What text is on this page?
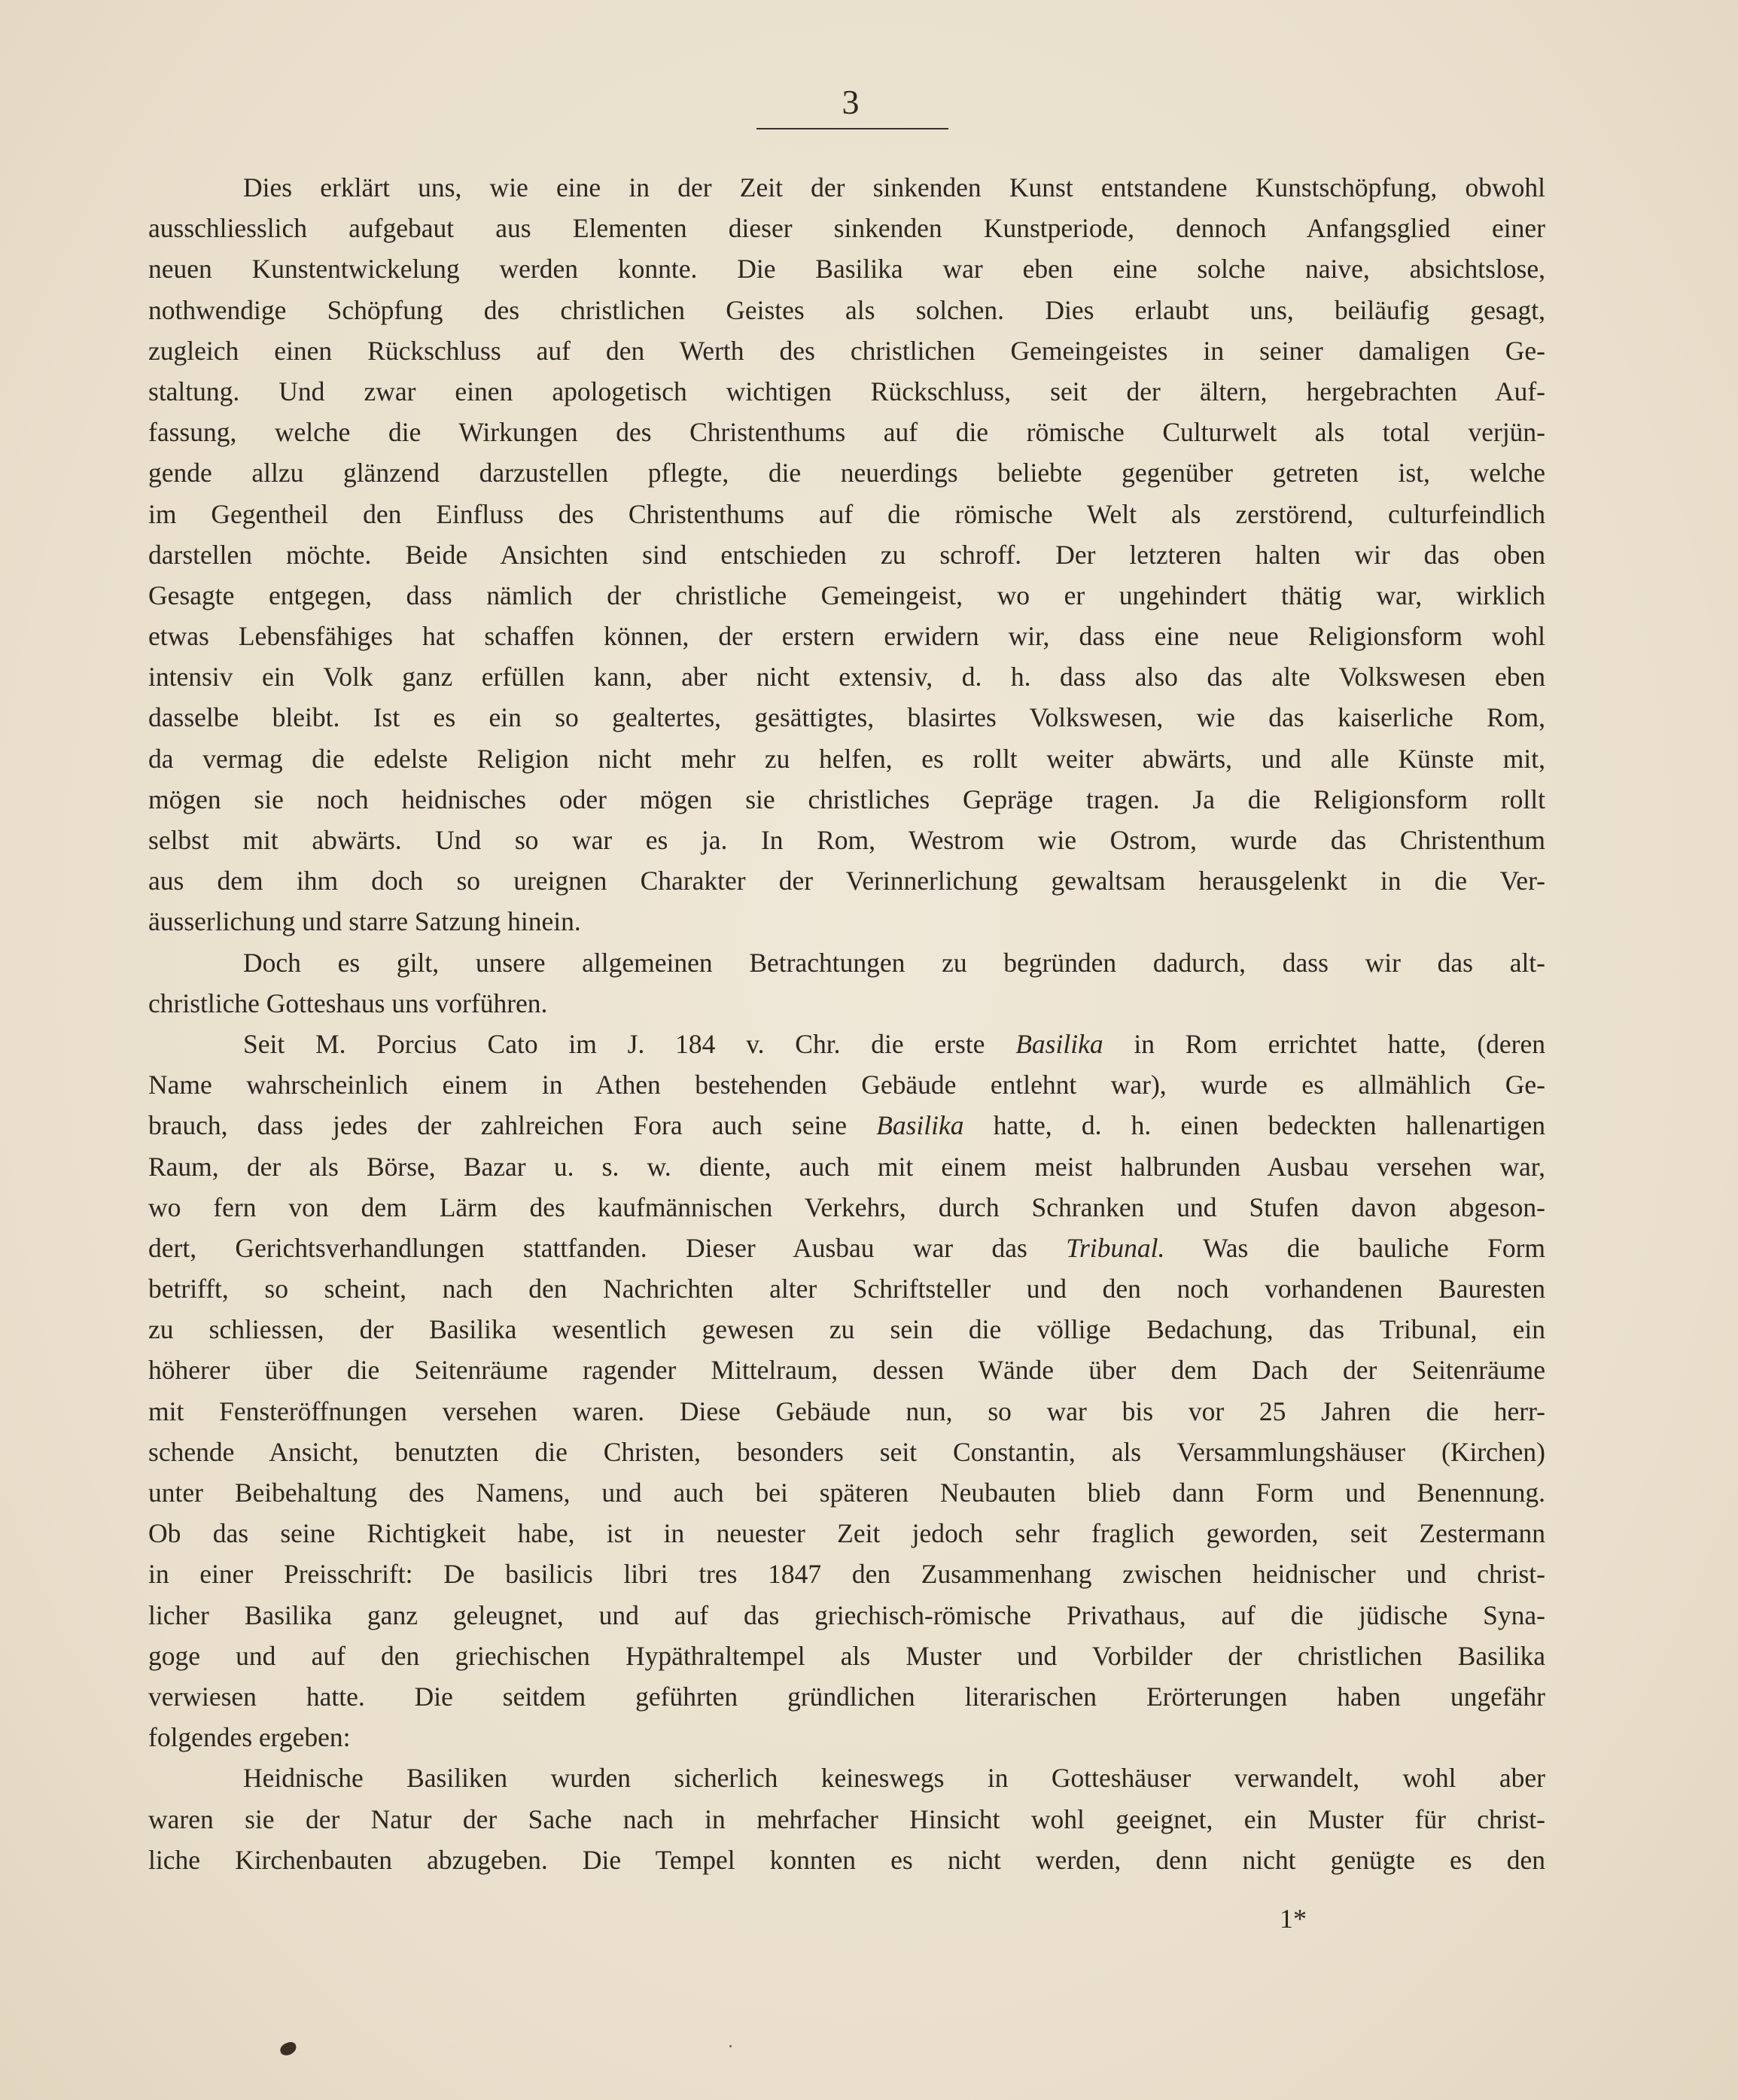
3
Dies erklärt uns, wie eine in der Zeit der sinkenden Kunst entstandene Kunstschöpfung, obwohl
ausschliesslich aufgebaut aus Elementen dieser sinkenden Kunstperiode, dennoch Anfangsglied einer
neuen Kunstentwickelung werden konnte. Die Basilika war eben eine solche naive, absichtslose,
nothwendige Schöpfung des christlichen Geistes als solchen. Dies erlaubt uns, beiläufig gesagt,
zugleich einen Rückschluss auf den Werth des christlichen Gemeingeistes in seiner damaligen Ge-
staltung. Und zwar einen apologetisch wichtigen Rückschluss, seit der ältern, hergebrachten Auf-
fassung, welche die Wirkungen des Christenthums auf die römische Culturwelt als total verjün-
gende allzu glänzend darzustellen pflegte, die neuerdings beliebte gegenüber getreten ist, welche
im Gegentheil den Einfluss des Christenthums auf die römische Welt als zerstörend, culturfeindlich
darstellen möchte. Beide Ansichten sind entschieden zu schroff. Der letzteren halten wir das oben
Gesagte entgegen, dass nämlich der christliche Gemeingeist, wo er ungehindert thätig war, wirklich
etwas Lebensfähiges hat schaffen können, der erstern erwidern wir, dass eine neue Religionsform wohl
intensiv ein Volk ganz erfüllen kann, aber nicht extensiv, d. h. dass also das alte Volkswesen eben
dasselbe bleibt. Ist es ein so gealtertes, gesättigtes, blasirtes Volkswesen, wie das kaiserliche Rom,
da vermag die edelste Religion nicht mehr zu helfen, es rollt weiter abwärts, und alle Künste mit,
mögen sie noch heidnisches oder mögen sie christliches Gepräge tragen. Ja die Religionsform rollt
selbst mit abwärts. Und so war es ja. In Rom, Westrom wie Ostrom, wurde das Christenthum
aus dem ihm doch so ureignen Charakter der Verinnerlichung gewaltsam herausgelenkt in die Ver-
äusserlichung und starre Satzung hinein.
Doch es gilt, unsere allgemeinen Betrachtungen zu begründen dadurch, dass wir das alt-
christliche Gotteshaus uns vorführen.
Seit M. Porcius Cato im J. 184 v. Chr. die erste Basilika in Rom errichtet hatte, (deren
Name wahrscheinlich einem in Athen bestehenden Gebäude entlehnt war), wurde es allmählich Ge-
brauch, dass jedes der zahlreichen Fora auch seine Basilika hatte, d. h. einen bedeckten hallenartigen
Raum, der als Börse, Bazar u. s. w. diente, auch mit einem meist halbrunden Ausbau versehen war,
wo fern von dem Lärm des kaufmännischen Verkehrs, durch Schranken und Stufen davon abgeson-
dert, Gerichtsverhandlungen stattfanden. Dieser Ausbau war das Tribunal. Was die bauliche Form
betrifft, so scheint, nach den Nachrichten alter Schriftsteller und den noch vorhandenen Bauresten
zu schliessen, der Basilika wesentlich gewesen zu sein die völlige Bedachung, das Tribunal, ein
höherer über die Seitenräume ragender Mittelraum, dessen Wände über dem Dach der Seitenräume
mit Fensteröffnungen versehen waren. Diese Gebäude nun, so war bis vor 25 Jahren die herr-
schende Ansicht, benutzten die Christen, besonders seit Constantin, als Versammlungshäuser (Kirchen)
unter Beibehaltung des Namens, und auch bei späteren Neubauten blieb dann Form und Benennung.
Ob das seine Richtigkeit habe, ist in neuester Zeit jedoch sehr fraglich geworden, seit Zestermann
in einer Preisschrift: De basilicis libri tres 1847 den Zusammenhang zwischen heidnischer und christ-
licher Basilika ganz geleugnet, und auf das griechisch-römische Privathaus, auf die jüdische Syna-
goge und auf den griechischen Hypäthraltempel als Muster und Vorbilder der christlichen Basilika
verwiesen hatte. Die seitdem geführten gründlichen literarischen Erörterungen haben ungefähr
folgendes ergeben:
Heidnische Basiliken wurden sicherlich keineswegs in Gotteshäuser verwandelt, wohl aber
waren sie der Natur der Sache nach in mehrfacher Hinsicht wohl geeignet, ein Muster für christ-
liche Kirchenbauten abzugeben. Die Tempel konnten es nicht werden, denn nicht genügte es den
1*
